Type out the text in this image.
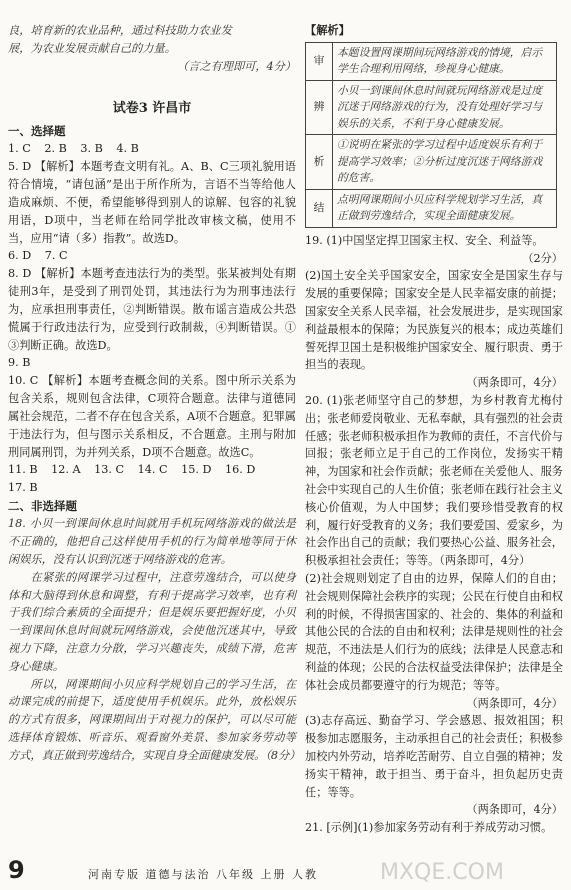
良，培育新的农业品种，通过科技助力农业发

展，为农业发展贡献自己的力量。

（言之有理即可，4分）

试卷3 许昌市

一、选择题

1. C 2. B 3. B 4. B

5. D 【解析】本题考查文明有礼。A、B、C三项礼貌用语符合情境，“请包涵”是出于所作所为，言语不当等给他人造成麻烦、不便，希望能够得到别人的谅解、包容的礼貌用语，D项中，当老师在给同学批改审核文稿，使用不当，应用“请（多）指教”。故选D。

6. D 7. C

8. D 【解析】本题考查违法行为的类型。张某被判处有期徒刑3年，是受到了刑罚处罚，其违法行为为刑事违法行为，应承担刑事责任，②判断错误。散布谣言造成公共恐慌属于行政违法行为，应受到行政制裁，④判断错误。①③判断正确。故选D。

9. B

10. C 【解析】本题考查概念间的关系。图中所示关系为包含关系，规则包含法律，C项符合题意。法律与道德同属社会规范，二者不存在包含关系，A项不合题意。犯罪属于违法行为，但与图示关系相反，不合题意。主刑与附加刑同属刑罚，为并列关系，D项不合题意。故选C。

11. B 12. A 13. C 14. C 15. D 16. D

17. B

二、非选择题

18. 小贝一到课间休息时间就用手机玩网络游戏的做法是不正确的，他把自己这样使用手机的行为简单地等同于休闲娱乐，没有认识到沉迷于网络游戏的危害。

在紧张的网课学习过程中，注意劳逸结合，可以使身体和大脑得到休息和调整，有利于提高学习效率，也有利于我们综合素质的全面提升；但是娱乐要把握好度，小贝一到课间休息时间就玩网络游戏，会使他沉迷其中，导致视力下降，注意力分散，学习兴趣丧失，成绩下滑，危害身心健康。

所以，网课期间小贝应科学规划自己的学习生活，在动课完成的前提下，适度使用手机娱乐。此外，放松娱乐的方式有很多，网课期间出于对视力的保护，可以尽可能选择体育锻炼、听音乐、观看窗外美景、参加家务劳动等方式，真正做到劳逸结合，实现自身全面健康发展。（8分）

【解析】

审	本题设置网课期间玩网络游戏的情境，启示学生合理利用网络，珍视身心健康。
辨	小贝一到课间休息时间就玩网络游戏是过度沉迷于网络游戏的行为，没有处理好学习与娱乐的关系，不利于身心健康发展。
析	①说明在紧张的学习过程中适度娱乐有利于提高学习效率；②分析过度沉迷于网络游戏的危害。
结	点明网课期间小贝应科学规划学习生活，真正做到劳逸结合，实现全面健康发展。

19. (1)中国坚定捍卫国家主权、安全、利益等。

（2分）

(2)国土安全关乎国家安全，国家安全是国家生存与发展的重要保障；国家安全是人民幸福安康的前提；国家安全关系人民幸福，社会发展进步，是实现国家利益最根本的保障；为民族复兴的根本；成边英雄们誓死捍卫国土是积极维护国家安全、履行职责、勇于担当的表现。

（两条即可，4分）

20. (1)张老师坚守自己的梦想，为乡村教育尤梅付出；张老师爱岗敬业、无私奉献，具有强烈的社会责任感；张老师积极承担作为教师的责任，不言代价与回报；张老师立足于自己的工作岗位，发扬实干精神，为国家和社会作贡献；张老师在关爱他人、服务社会中实现自己的人生价值；张老师在践行社会主义核心价值观，为人中国梦；我们要珍惜受教育的权利，履行好受教育的义务；我们要爱国、爱家乡，为社会作出自己的贡献；我们要热心公益、服务社会，积极承担社会责任；等等。（两条即可，4分）

(2)社会规则划定了自由的边界，保障人们的自由；社会规则保障社会秩序的实现；公民在行使自由和权利的时候，不得损害国家的、社会的、集体的利益和其他公民的合法的自由和权利；法律是规则性的社会规范，不违法是人们行为的底线；法律是人民意志和利益的体现；公民的合法权益受法律保护；法律是全体社会成员都要遵守的行为规范；等等。

（两条即可，4分）

(3)志存高远、勤奋学习、学会感恩、报效祖国；积极参加志愿服务，主动承担自己的社会责任；积极参加校内外劳动，培养吃苦耐劳、自立自强的精神；发扬实干精神，敢于担当、勇于奋斗，担负起历史责任；等等。

（两条即可，4分）

21. [示例](1)参加家务劳动有利于养成劳动习惯。

9	河南专版 道德与法治 八年级 上册 人教	MXQE.COM
